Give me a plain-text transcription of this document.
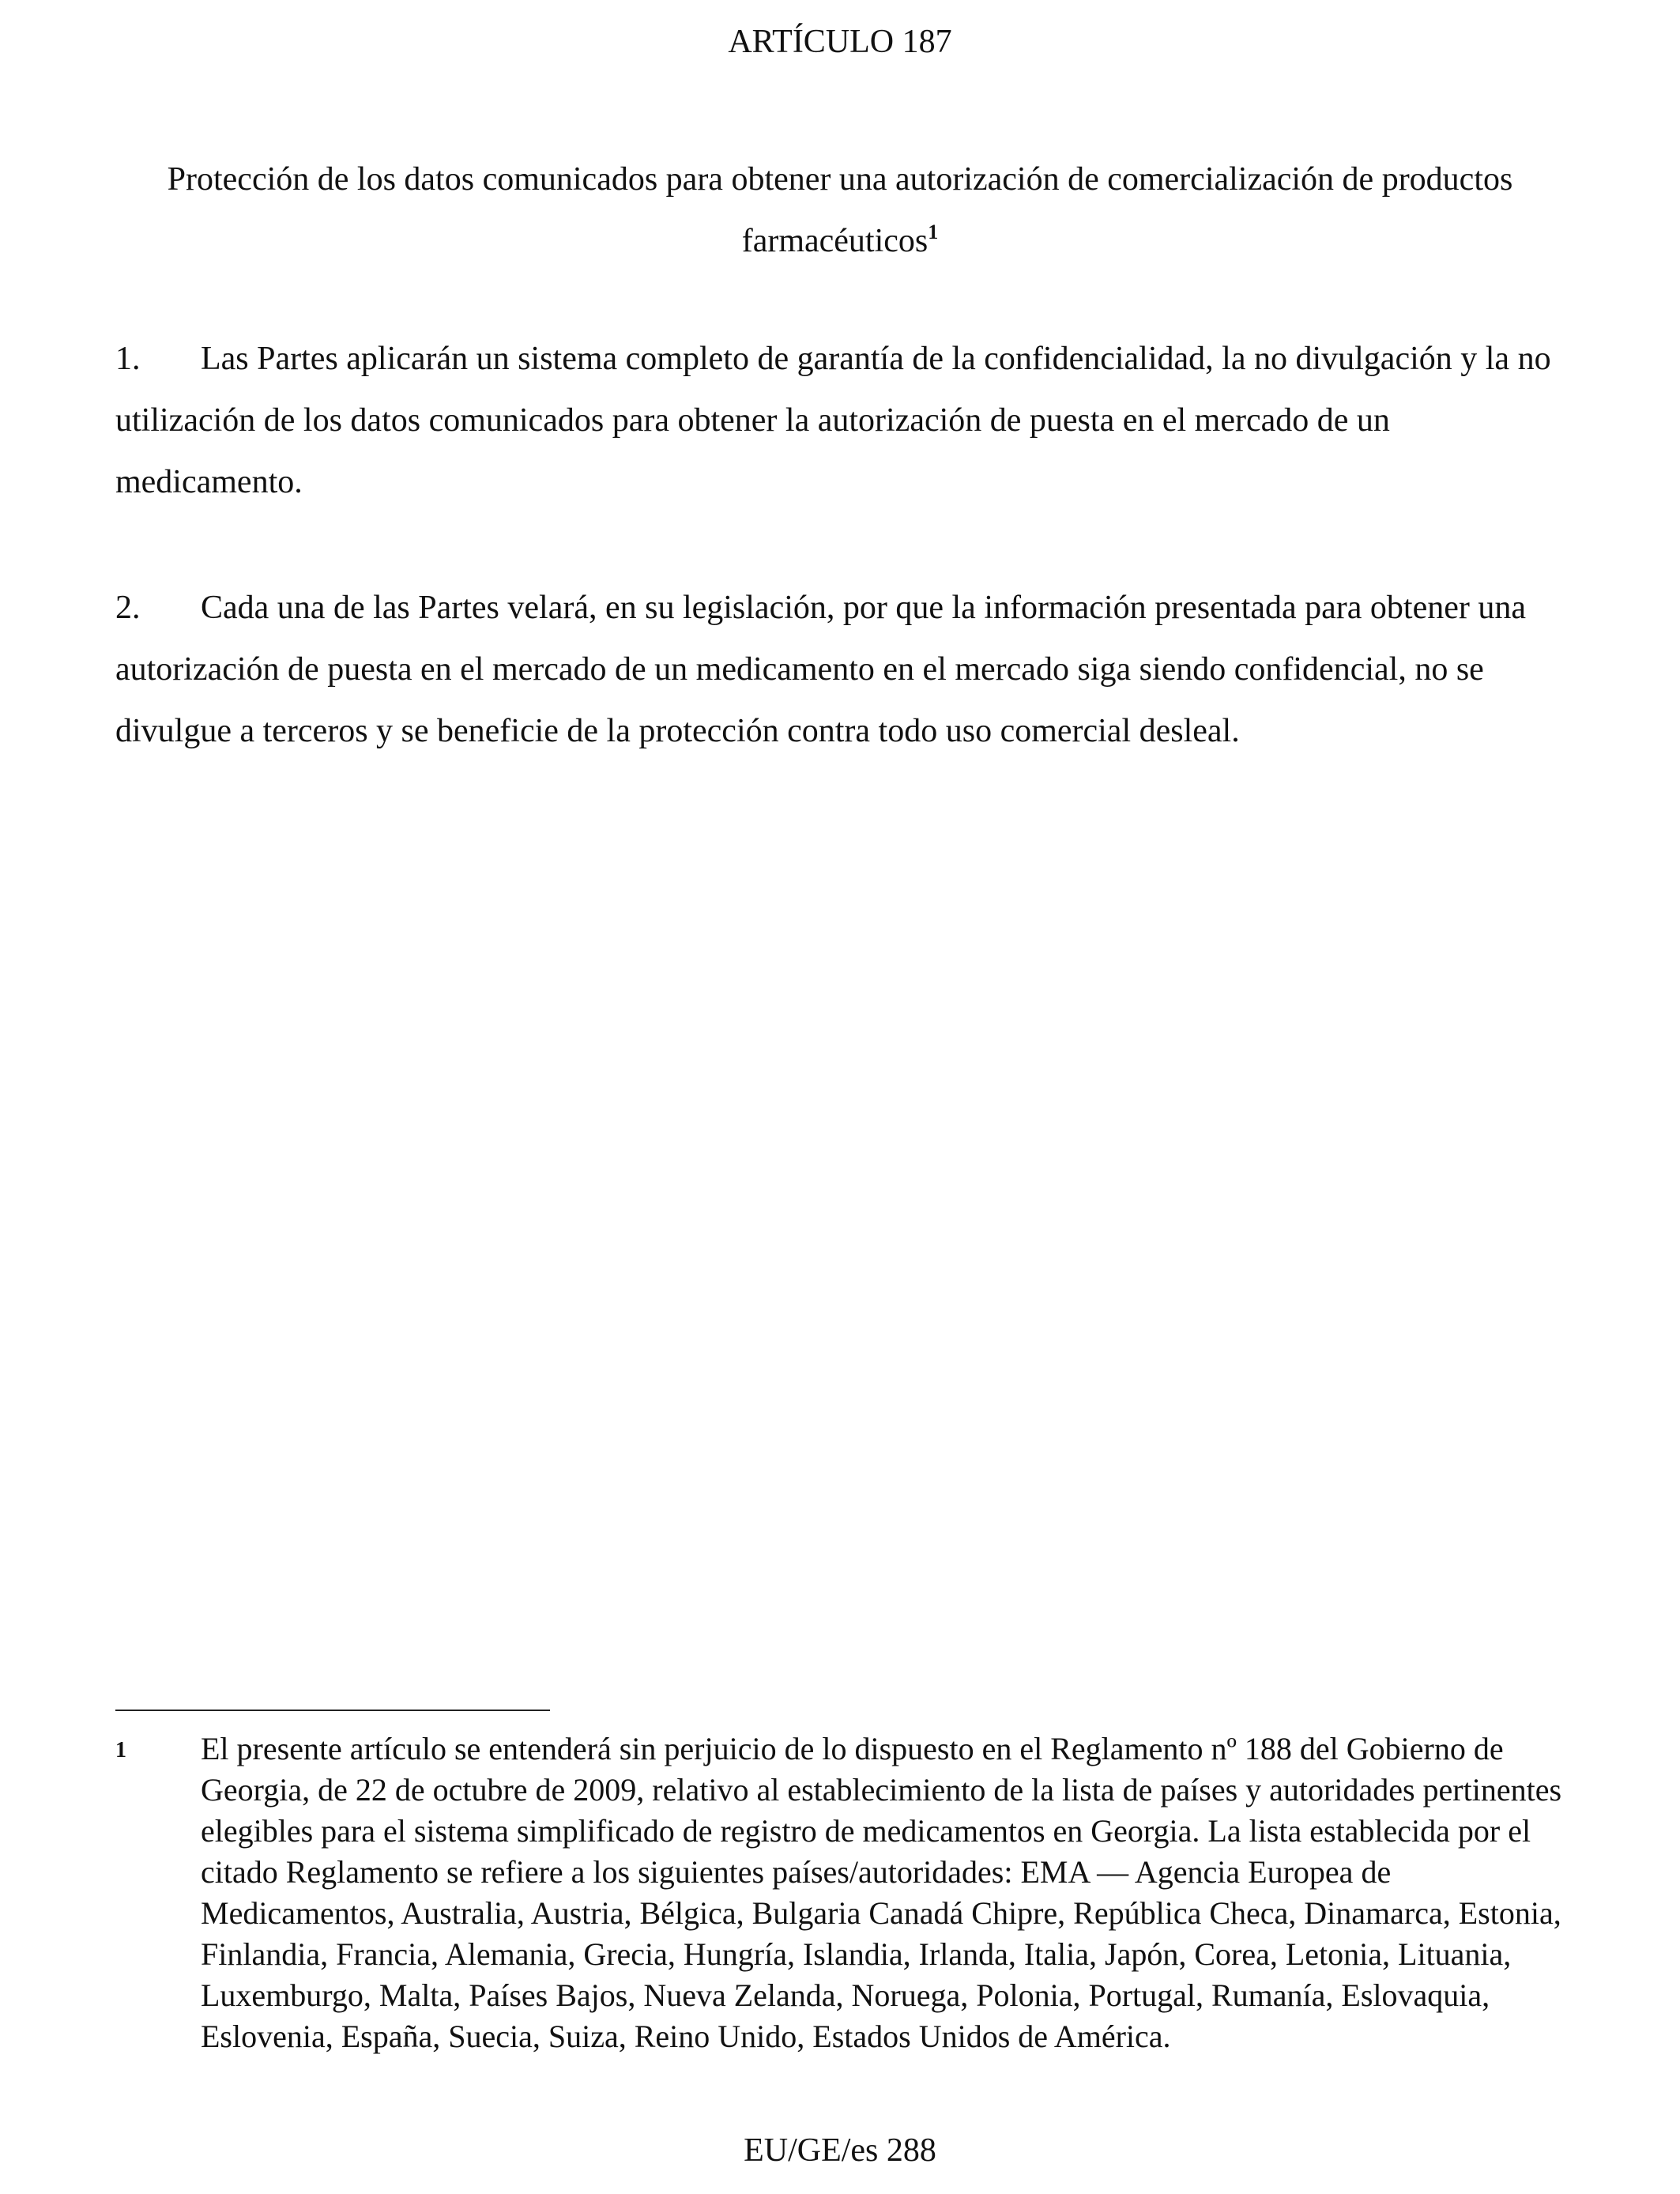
ARTÍCULO 187
Protección de los datos comunicados para obtener una autorización de comercialización de productos farmacéuticos$^1$
1. Las Partes aplicarán un sistema completo de garantía de la confidencialidad, la no divulgación y la no utilización de los datos comunicados para obtener la autorización de puesta en el mercado de un medicamento.
2. Cada una de las Partes velará, en su legislación, por que la información presentada para obtener una autorización de puesta en el mercado de un medicamento en el mercado siga siendo confidencial, no se divulgue a terceros y se beneficie de la protección contra todo uso comercial desleal.
1 El presente artículo se entenderá sin perjuicio de lo dispuesto en el Reglamento nº 188 del Gobierno de Georgia, de 22 de octubre de 2009, relativo al establecimiento de la lista de países y autoridades pertinentes elegibles para el sistema simplificado de registro de medicamentos en Georgia. La lista establecida por el citado Reglamento se refiere a los siguientes países/autoridades: EMA — Agencia Europea de Medicamentos, Australia, Austria, Bélgica, Bulgaria Canadá Chipre, República Checa, Dinamarca, Estonia, Finlandia, Francia, Alemania, Grecia, Hungría, Islandia, Irlanda, Italia, Japón, Corea, Letonia, Lituania, Luxemburgo, Malta, Países Bajos, Nueva Zelanda, Noruega, Polonia, Portugal, Rumanía, Eslovaquia, Eslovenia, España, Suecia, Suiza, Reino Unido, Estados Unidos de América.
EU/GE/es 288
